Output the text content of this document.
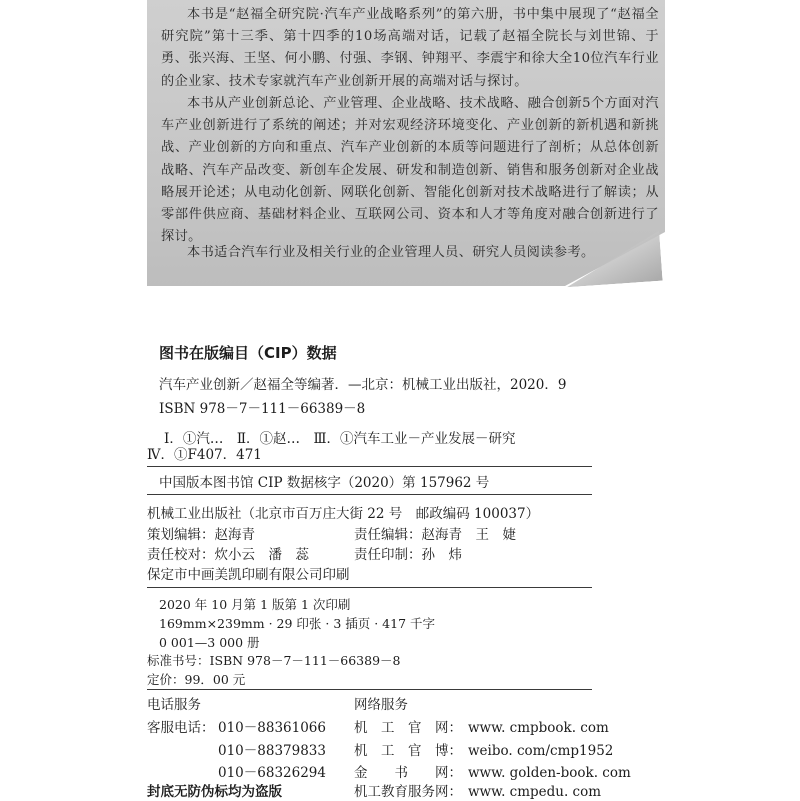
本书是“赵福全研究院·汽车产业战略系列”的第六册，书中集中展现了“赵福全研究院”第十三季、第十四季的10场高端对话，记载了赵福全院长与刘世锦、于勇、张兴海、王坚、何小鹏、付强、李钢、钟翔平、李震宇和徐大全10位汽车行业的企业家、技术专家就汽车产业创新开展的高端对话与探讨。

本书从产业创新总论、产业管理、企业战略、技术战略、融合创新5个方面对汽车产业创新进行了系统的阐述；并对宏观经济环境变化、产业创新的新机遇和新挑战、产业创新的方向和重点、汽车产业创新的本质等问题进行了剖析；从总体创新战略、汽车产品改变、新创车企发展、研发和制造创新、销售和服务创新对企业战略展开论述；从电动化创新、网联化创新、智能化创新对技术战略进行了解读；从零部件供应商、基础材料企业、互联网公司、资本和人才等角度对融合创新进行了探讨。

本书适合汽车行业及相关行业的企业管理人员、研究人员阅读参考。

图书在版编目（CIP）数据
汽车产业创新／赵福全等编著．—北京：机械工业出版社，2020．9
ISBN 978－7－111－66389－8
Ⅰ．①汽…　Ⅱ．①赵…　Ⅲ．①汽车工业－产业发展－研究
Ⅳ．①F407．471
中国版本图书馆 CIP 数据核字（2020）第 157962 号
机械工业出版社（北京市百万庄大街 22 号　邮政编码 100037）
策划编辑：赵海青	责任编辑：赵海青　王　婕
责任校对：炊小云　潘　蕊	责任印制：孙　炜
保定市中画美凯印刷有限公司印刷
2020 年 10 月第 1 版第 1 次印刷
169mm×239mm · 29 印张 · 3 插页 · 417 千字
0 001—3 000 册
标准书号：ISBN 978－7－111－66389－8
定价：99．00 元
电话服务	网络服务
客服电话： 010－88361066 机　工　官　网： www. cmpbook. com
010－88379833 机　工　官　博： weibo. com/cmp1952
010－68326294 金　　书　　网： www. golden-book. com
封底无防伪标均为盗版	机工教育服务网： www. cmpedu. com
